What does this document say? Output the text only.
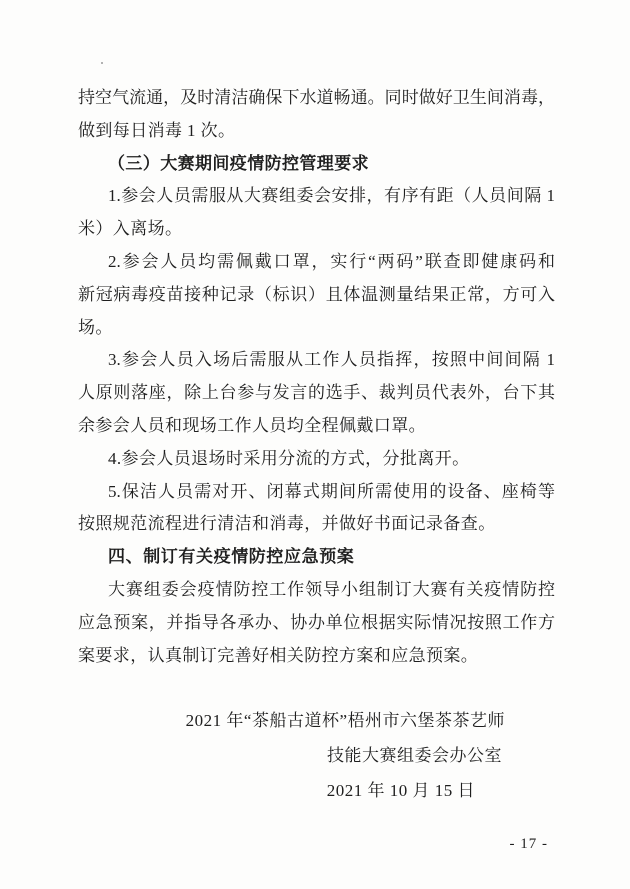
持空气流通，及时清洁确保下水道畅通。同时做好卫生间消毒，
做到每日消毒 1 次。
（三）大赛期间疫情防控管理要求
1.参会人员需服从大赛组委会安排，有序有距（人员间隔 1
米）入离场。
2.参会人员均需佩戴口罩，实行“两码”联查即健康码和
新冠病毒疫苗接种记录（标识）且体温测量结果正常，方可入
场。
3.参会人员入场后需服从工作人员指挥，按照中间间隔 1
人原则落座，除上台参与发言的选手、裁判员代表外，台下其
余参会人员和现场工作人员均全程佩戴口罩。
4.参会人员退场时采用分流的方式，分批离开。
5.保洁人员需对开、闭幕式期间所需使用的设备、座椅等
按照规范流程进行清洁和消毒，并做好书面记录备查。
四、制订有关疫情防控应急预案
大赛组委会疫情防控工作领导小组制订大赛有关疫情防控
应急预案，并指导各承办、协办单位根据实际情况按照工作方
案要求，认真制订完善好相关防控方案和应急预案。
2021 年“茶船古道杯”梧州市六堡茶茶艺师
技能大赛组委会办公室
2021 年 10 月 15 日
- 17 -
